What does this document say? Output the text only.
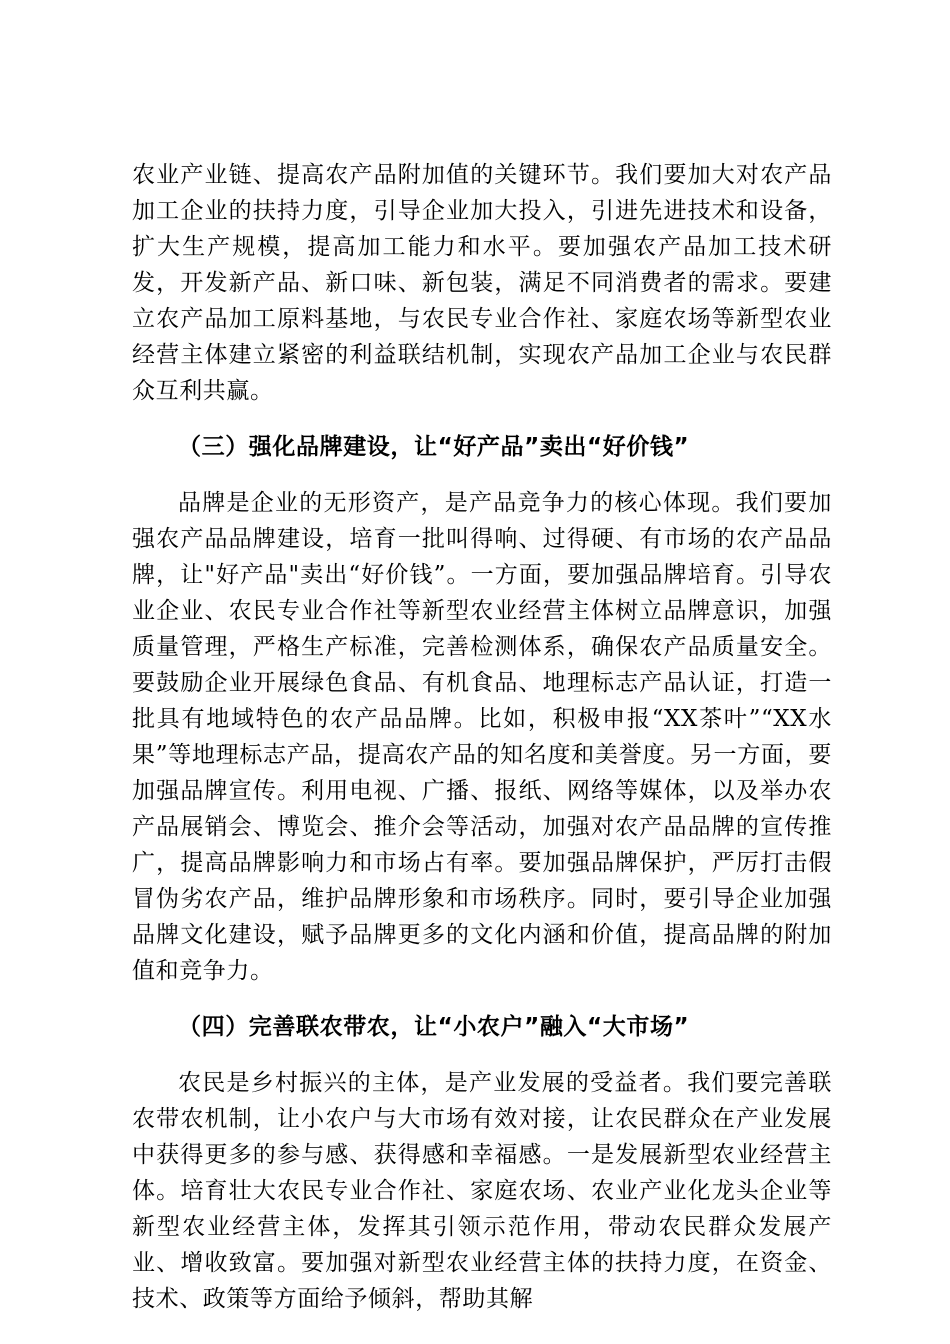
农业产业链、提高农产品附加值的关键环节。我们要加大对农产品加工企业的扶持力度，引导企业加大投入，引进先进技术和设备，扩大生产规模，提高加工能力和水平。要加强农产品加工技术研发，开发新产品、新口味、新包装，满足不同消费者的需求。要建立农产品加工原料基地，与农民专业合作社、家庭农场等新型农业经营主体建立紧密的利益联结机制，实现农产品加工企业与农民群众互利共赢。

（三）强化品牌建设，让“好产品”卖出“好价钱”

品牌是企业的无形资产，是产品竞争力的核心体现。我们要加强农产品品牌建设，培育一批叫得响、过得硬、有市场的农产品品牌，让"好产品"卖出“好价钱”。一方面，要加强品牌培育。引导农业企业、农民专业合作社等新型农业经营主体树立品牌意识，加强质量管理，严格生产标准，完善检测体系，确保农产品质量安全。要鼓励企业开展绿色食品、有机食品、地理标志产品认证，打造一批具有地域特色的农产品品牌。比如，积极申报“XX茶叶”“XX水果”等地理标志产品，提高农产品的知名度和美誉度。另一方面，要加强品牌宣传。利用电视、广播、报纸、网络等媒体，以及举办农产品展销会、博览会、推介会等活动，加强对农产品品牌的宣传推广，提高品牌影响力和市场占有率。要加强品牌保护，严厉打击假冒伪劣农产品，维护品牌形象和市场秩序。同时，要引导企业加强品牌文化建设，赋予品牌更多的文化内涵和价值，提高品牌的附加值和竞争力。

（四）完善联农带农，让“小农户”融入“大市场”

农民是乡村振兴的主体，是产业发展的受益者。我们要完善联农带农机制，让小农户与大市场有效对接，让农民群众在产业发展中获得更多的参与感、获得感和幸福感。一是发展新型农业经营主体。培育壮大农民专业合作社、家庭农场、农业产业化龙头企业等新型农业经营主体，发挥其引领示范作用，带动农民群众发展产业、增收致富。要加强对新型农业经营主体的扶持力度，在资金、技术、政策等方面给予倾斜，帮助其解
